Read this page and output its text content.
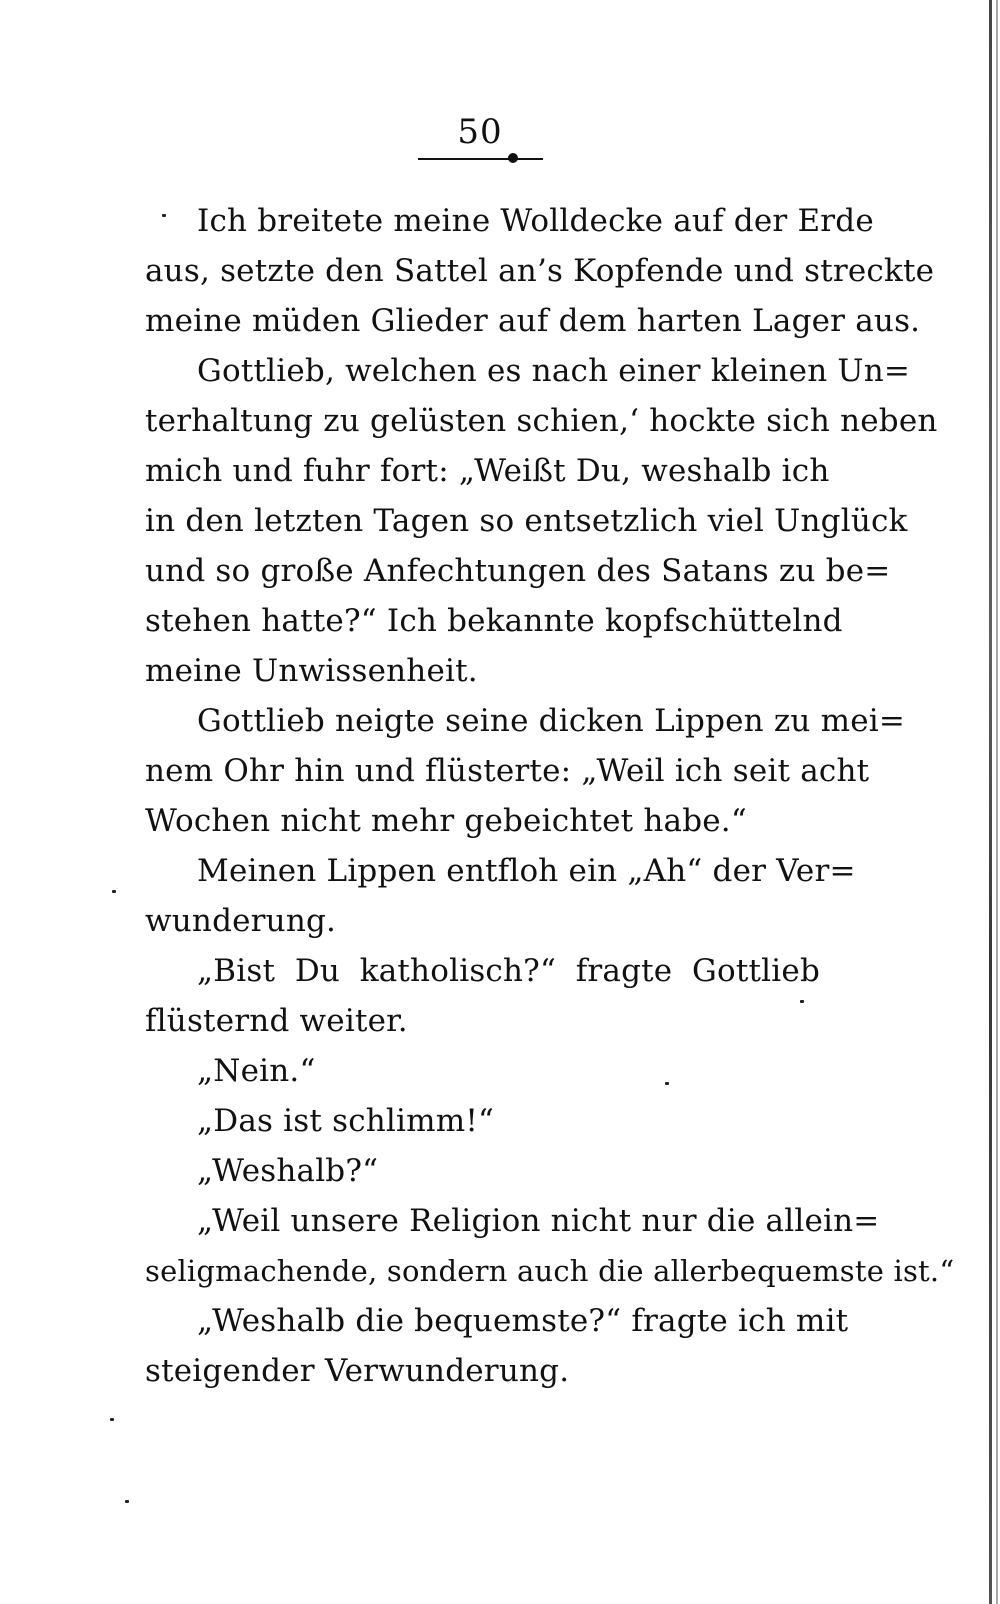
50
Ich breitete meine Wolldecke auf der Erde
aus, setzte den Sattel an’s Kopfende und streckte
meine müden Glieder auf dem harten Lager aus.
Gottlieb, welchen es nach einer kleinen Un=
terhaltung zu gelüsten schien,‘ hockte sich neben
mich und fuhr fort: „Weißt Du, weshalb ich
in den letzten Tagen so entsetzlich viel Unglück
und so große Anfechtungen des Satans zu be=
stehen hatte?“ Ich bekannte kopfschüttelnd
meine Unwissenheit.
Gottlieb neigte seine dicken Lippen zu mei=
nem Ohr hin und flüsterte: „Weil ich seit acht
Wochen nicht mehr gebeichtet habe.“
Meinen Lippen entfloh ein „Ah“ der Ver=
wunderung.
„Bist Du katholisch?“ fragte Gottlieb
flüsternd weiter.
„Nein.“
„Das ist schlimm!“
„Weshalb?“
„Weil unsere Religion nicht nur die allein=
seligmachende, sondern auch die allerbequemste ist.“
„Weshalb die bequemste?“ fragte ich mit
steigender Verwunderung.
